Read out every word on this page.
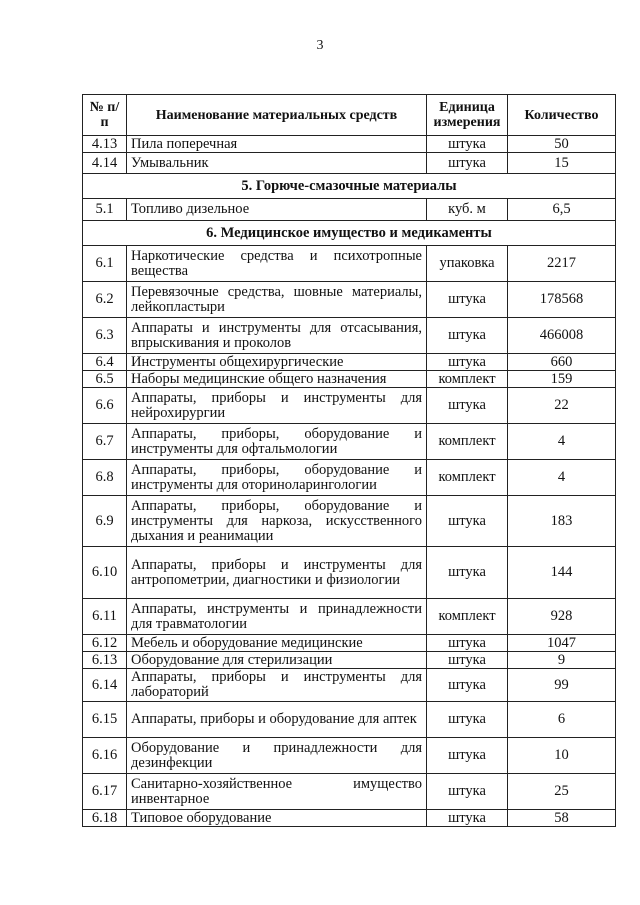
3
№ п/п	Наименование материальных средств	Единица измерения	Количество
4.13	Пила поперечная	штука	50
4.14	Умывальник	штука	15
5. Горюче-смазочные материалы			
5.1	Топливо дизельное	куб. м	6,5
6. Медицинское имущество и медикаменты			
6.1	Наркотические средства и психотропные вещества	упаковка	2217
6.2	Перевязочные средства, шовные материалы, лейкопластыри	штука	178568
6.3	Аппараты и инструменты для отсасывания, впрыскивания и проколов	штука	466008
6.4	Инструменты общехирургические	штука	660
6.5	Наборы медицинские общего назначения	комплект	159
6.6	Аппараты, приборы и инструменты для нейрохирургии	штука	22
6.7	Аппараты, приборы, оборудование и инструменты для офтальмологии	комплект	4
6.8	Аппараты, приборы, оборудование и инструменты для оториноларингологии	комплект	4
6.9	Аппараты, приборы, оборудование и инструменты для наркоза, искусственного дыхания и реанимации	штука	183
6.10	Аппараты, приборы и инструменты для антропометрии, диагностики и физиологии	штука	144
6.11	Аппараты, инструменты и принадлежности для травматологии	комплект	928
6.12	Мебель и оборудование медицинские	штука	1047
6.13	Оборудование для стерилизации	штука	9
6.14	Аппараты, приборы и инструменты для лабораторий	штука	99
6.15	Аппараты, приборы и оборудование для аптек	штука	6
6.16	Оборудование и принадлежности для дезинфекции	штука	10
6.17	Санитарно-хозяйственное имущество инвентарное	штука	25
6.18	Типовое оборудование	штука	58
